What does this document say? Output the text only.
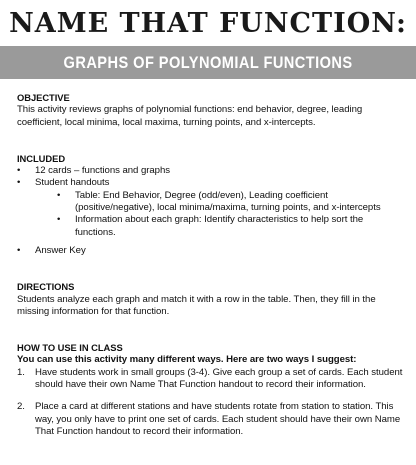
NAME THAT FUNCTION:
GRAPHS OF POLYNOMIAL FUNCTIONS

OBJECTIVE

This activity reviews graphs of polynomial functions: end behavior, degree, leading coefficient, local minima, local maxima, turning points, and x-intercepts.

INCLUDED

• 12 cards – functions and graphs
• Student handouts
• Table: End Behavior, Degree (odd/even), Leading coefficient (positive/negative), local minima/maxima, turning points, and x-intercepts
• Information about each graph: Identify characteristics to help sort the functions.
• Answer Key

DIRECTIONS

Students analyze each graph and match it with a row in the table. Then, they fill in the missing information for that function.

HOW TO USE IN CLASS

You can use this activity many different ways. Here are two ways I suggest:

1.	Have students work in small groups (3-4). Give each group a set of cards. Each student should have their own Name That Function handout to record their information.
2.	Place a card at different stations and have students rotate from station to station. This way, you only have to print one set of cards. Each student should have their own Name That Function handout to record their information.
